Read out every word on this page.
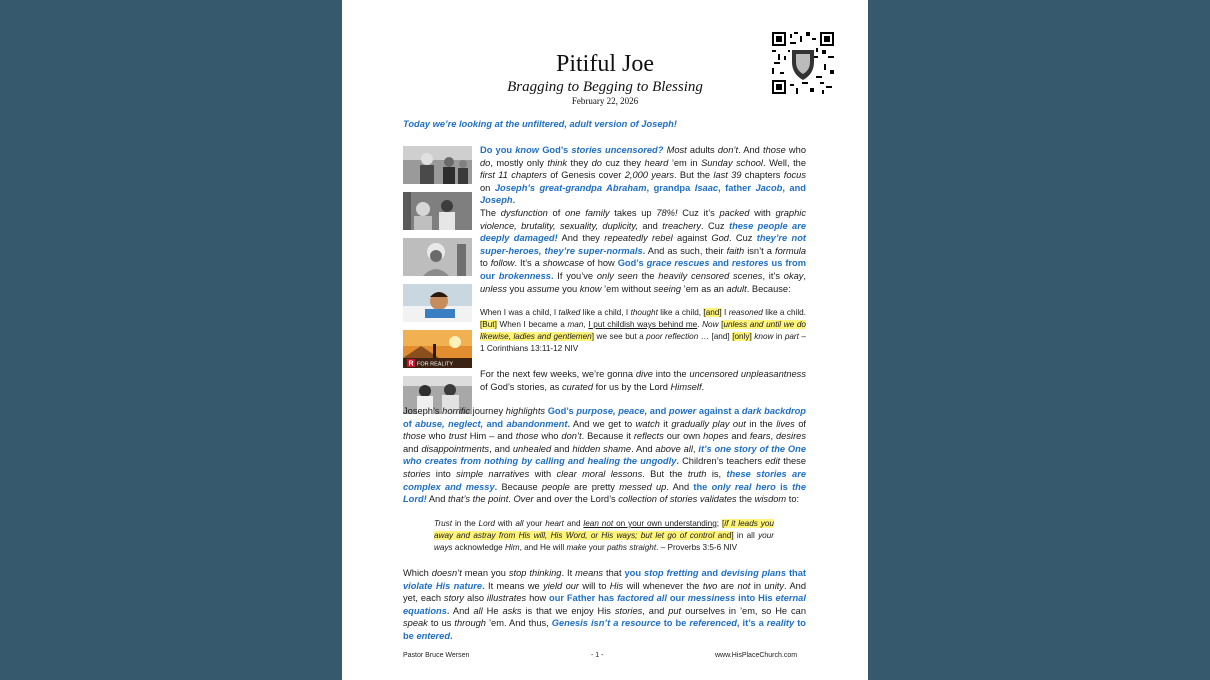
Pitiful Joe
Bragging to Begging to Blessing
February 22, 2026

Today we’re looking at the unfiltered, adult version of Joseph!

R FOR REALITY

Do you know God’s stories uncensored? Most adults don’t. And those who do, mostly only think they do cuz they heard ’em in Sunday school. Well, the first 11 chapters of Genesis cover 2,000 years. But the last 39 chapters focus on Joseph’s great-grandpa Abraham, grandpa Isaac, father Jacob, and Joseph.

The dysfunction of one family takes up 78%! Cuz it’s packed with graphic violence, brutality, sexuality, duplicity, and treachery. Cuz these people are deeply damaged! And they repeatedly rebel against God. Cuz they’re not super-heroes, they’re super-normals. And as such, their faith isn’t a formula to follow. It’s a showcase of how God’s grace rescues and restores us from our brokenness. If you’ve only seen the heavily censored scenes, it’s okay, unless you assume you know ’em without seeing ’em as an adult. Because:

When I was a child, I talked like a child, I thought like a child, [and] I reasoned like a child. [But] When I became a man, I put childish ways behind me. Now [unless and until we do likewise, ladies and gentlemen] we see but a poor reflection … [and] [only] know in part – 1 Corinthians 13:11-12 NIV

For the next few weeks, we’re gonna dive into the uncensored unpleasantness of God’s stories, as curated for us by the Lord Himself.

Joseph’s horrific journey highlights God’s purpose, peace, and power against a dark backdrop of abuse, neglect, and abandonment. And we get to watch it gradually play out in the lives of those who trust Him – and those who don’t. Because it reflects our own hopes and fears, desires and disappointments, and unhealed and hidden shame. And above all, it’s one story of the One who creates from nothing by calling and healing the ungodly. Children’s teachers edit these stories into simple narratives with clear moral lessons. But the truth is, these stories are complex and messy. Because people are pretty messed up. And the only real hero is the Lord! And that’s the point. Over and over the Lord’s collection of stories validates the wisdom to:

Trust in the Lord with all your heart and lean not on your own understanding; [if it leads you away and astray from His will, His Word, or His ways; but let go of control and] in all your ways acknowledge Him, and He will make your paths straight. – Proverbs 3:5-6 NIV

Which doesn’t mean you stop thinking. It means that you stop fretting and devising plans that violate His nature. It means we yield our will to His will whenever the two are not in unity. And yet, each story also illustrates how our Father has factored all our messiness into His eternal equations. And all He asks is that we enjoy His stories, and put ourselves in ’em, so He can speak to us through ’em. And thus, Genesis isn’t a resource to be referenced, it’s a reality to be entered.

Pastor Bruce Wersen	- 1 -	www.HisPlaceChurch.com
